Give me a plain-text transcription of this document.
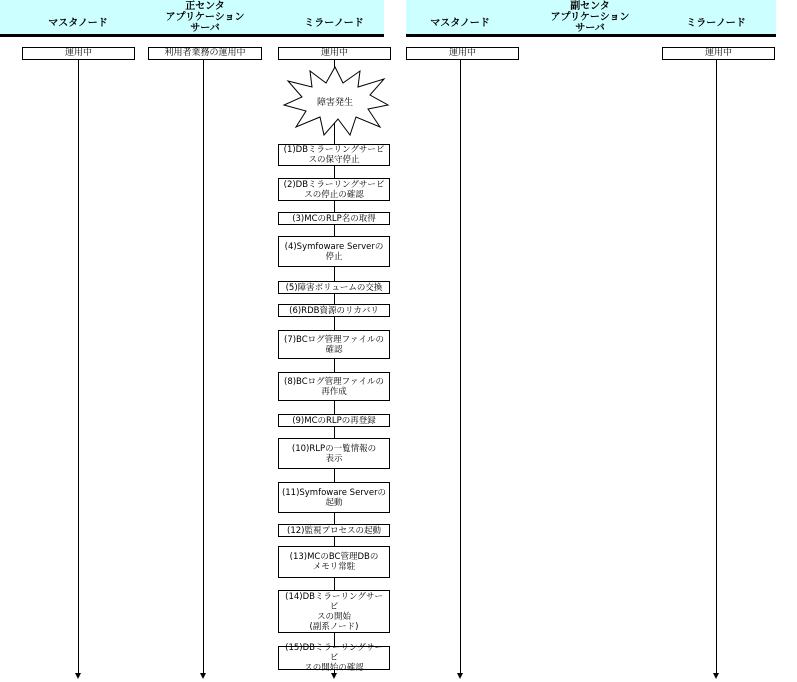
マスタノード
正センタ
アプリケーション
サーバ	ミラーノード	マスタノード
副センタ
アプリケーション
サーバ	ミラーノード
運用中	利用者業務の運用中	運用中	運用中	運用中
障害発生
(1)DBミラーリングサービ
スの保守停止
(2)DBミラーリングサービ
スの停止の確認
(3)MCのRLP名の取得
(4)Symfoware Serverの
停止
(5)障害ボリュームの交換
(6)RDB資源のリカバリ
(7)BCログ管理ファイルの
確認
(8)BCログ管理ファイルの
再作成
(9)MCのRLPの再登録
(10)RLPの一覧情報の
表示
(11)Symfoware Serverの
起動
(12)監視プロセスの起動
(13)MCのBC管理DBの
メモリ常駐
(14)DBミラーリングサービ
スの開始
(副系ノード)
(15)DBミラーリングサービ
スの開始の確認
